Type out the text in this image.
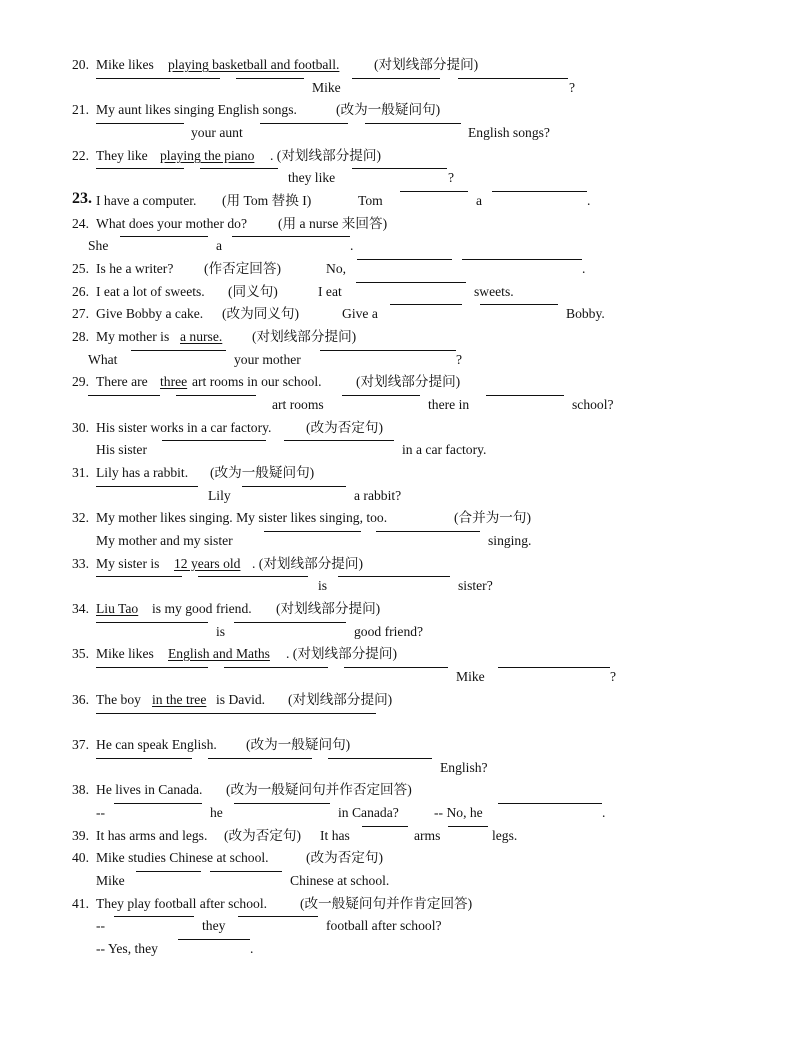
20. Mike likes playing basketball and football.	(对划线部分提问)
Mike	?
21. My aunt likes singing English songs.	(改为一般疑问句)
your aunt	English songs?
22. They like playing the piano . (对划线部分提问)
they like	?
23. I have a computer. (用 Tom 替换 I)	Tom	a	.
24. What does your mother do? (用 a nurse 来回答)
She	a	.
25. Is he a writer? (作否定回答)	No,	.
26. I eat a lot of sweets. (同义句)	I eat	sweets.
27. Give Bobby a cake. (改为同义句)	Give a	Bobby.
28. My mother is a nurse. (对划线部分提问)
What	your mother	?
29. There are three art rooms in our school.	(对划线部分提问)
art rooms	there in	school?
30. His sister works in a car factory.	(改为否定句)
His sister	in a car factory.
31. Lily has a rabbit. (改为一般疑问句)
Lily	a rabbit?
32. My mother likes singing. My sister likes singing, too.	(合并为一句)
My mother and my sister	singing.
33. My sister is 12 years old . (对划线部分提问)
is	sister?
34. Liu Tao is my good friend. (对划线部分提问)
is	good friend?
35. Mike likes English and Maths . (对划线部分提问)
Mike	?
36. The boy in the tree is David. (对划线部分提问)
37. He can speak English. (改为一般疑问句)
English?
38. He lives in Canada. (改为一般疑问句并作否定回答)
--	he	in Canada?	-- No, he	.
39. It has arms and legs. (改为否定句) It has	arms	legs.
40. Mike studies Chinese at school.	(改为否定句)
Mike	Chinese at school.
41. They play football after school. (改一般疑问句并作肯定回答)
--	they	football after school?
-- Yes, they	.
